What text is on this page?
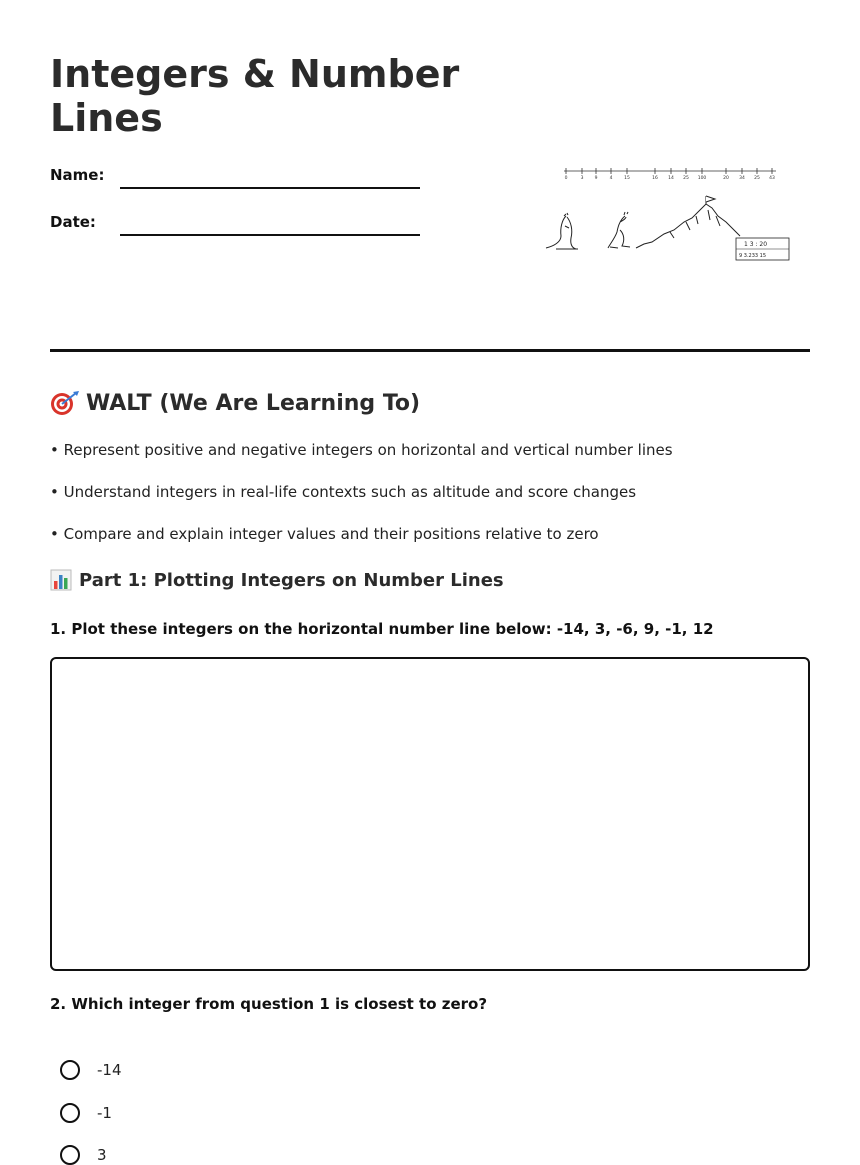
Integers & Number Lines
Name:
Date:
0	3 9	4	15	16 14 25 100	20 34 25 43
1 3 : 20
9 3.233 15
WALT (We Are Learning To)
• Represent positive and negative integers on horizontal and vertical number lines
• Understand integers in real-life contexts such as altitude and score changes
• Compare and explain integer values and their positions relative to zero
Part 1: Plotting Integers on Number Lines
1. Plot these integers on the horizontal number line below: -14, 3, -6, 9, -1, 12
2. Which integer from question 1 is closest to zero?
-14
-1
3
